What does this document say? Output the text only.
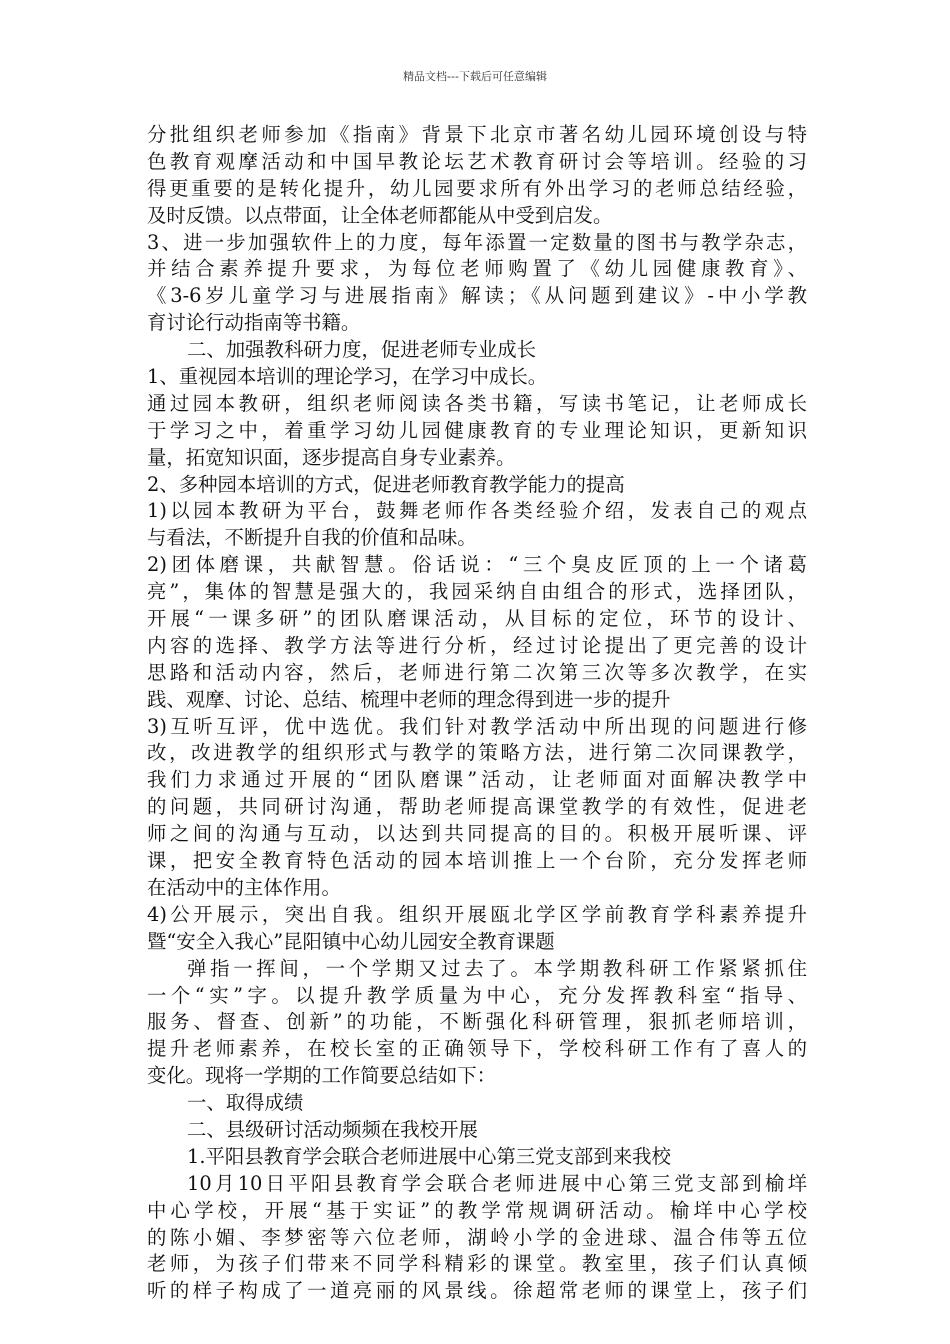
精品文档---下载后可任意编辑
分批组织老师参加《指南》背景下北京市著名幼儿园环境创设与特
色教育观摩活动和中国早教论坛艺术教育研讨会等培训。经验的习
得更重要的是转化提升，幼儿园要求所有外出学习的老师总结经验，
及时反馈。以点带面，让全体老师都能从中受到启发。
3、进一步加强软件上的力度，每年添置一定数量的图书与教学杂志，
并结合素养提升要求，为每位老师购置了《幼儿园健康教育》、
《3-6岁儿童学习与进展指南》解读；《从问题到建议》-中小学教
育讨论行动指南等书籍。
二、加强教科研力度，促进老师专业成长
1、重视园本培训的理论学习，在学习中成长。
通过园本教研，组织老师阅读各类书籍，写读书笔记，让老师成长
于学习之中，着重学习幼儿园健康教育的专业理论知识，更新知识
量，拓宽知识面，逐步提高自身专业素养。
2、多种园本培训的方式，促进老师教育教学能力的提高
1)以园本教研为平台，鼓舞老师作各类经验介绍，发表自己的观点
与看法，不断提升自我的价值和品味。
2)团体磨课，共献智慧。俗话说：“三个臭皮匠顶的上一个诸葛
亮”，集体的智慧是强大的，我园采纳自由组合的形式，选择团队，
开展“一课多研”的团队磨课活动，从目标的定位，环节的设计、
内容的选择、教学方法等进行分析，经过讨论提出了更完善的设计
思路和活动内容，然后，老师进行第二次第三次等多次教学，在实
践、观摩、讨论、总结、梳理中老师的理念得到进一步的提升
3)互听互评，优中选优。我们针对教学活动中所出现的问题进行修
改，改进教学的组织形式与教学的策略方法，进行第二次同课教学，
我们力求通过开展的“团队磨课”活动，让老师面对面解决教学中
的问题，共同研讨沟通，帮助老师提高课堂教学的有效性，促进老
师之间的沟通与互动，以达到共同提高的目的。积极开展听课、评
课，把安全教育特色活动的园本培训推上一个台阶，充分发挥老师
在活动中的主体作用。
4)公开展示，突出自我。组织开展瓯北学区学前教育学科素养提升
暨“安全入我心”昆阳镇中心幼儿园安全教育课题
弹指一挥间，一个学期又过去了。本学期教科研工作紧紧抓住
一个“实”字。以提升教学质量为中心，充分发挥教科室“指导、
服务、督查、创新”的功能，不断强化科研管理，狠抓老师培训，
提升老师素养，在校长室的正确领导下，学校科研工作有了喜人的
变化。现将一学期的工作简要总结如下：
一、取得成绩
二、县级研讨活动频频在我校开展
1.平阳县教育学会联合老师进展中心第三党支部到来我校
10月10日平阳县教育学会联合老师进展中心第三党支部到榆垟
中心学校，开展“基于实证”的教学常规调研活动。榆垟中心学校
的陈小媚、李梦密等六位老师，湖岭小学的金进球、温合伟等五位
老师，为孩子们带来不同学科精彩的课堂。教室里，孩子们认真倾
听的样子构成了一道亮丽的风景线。徐超常老师的课堂上，孩子们
